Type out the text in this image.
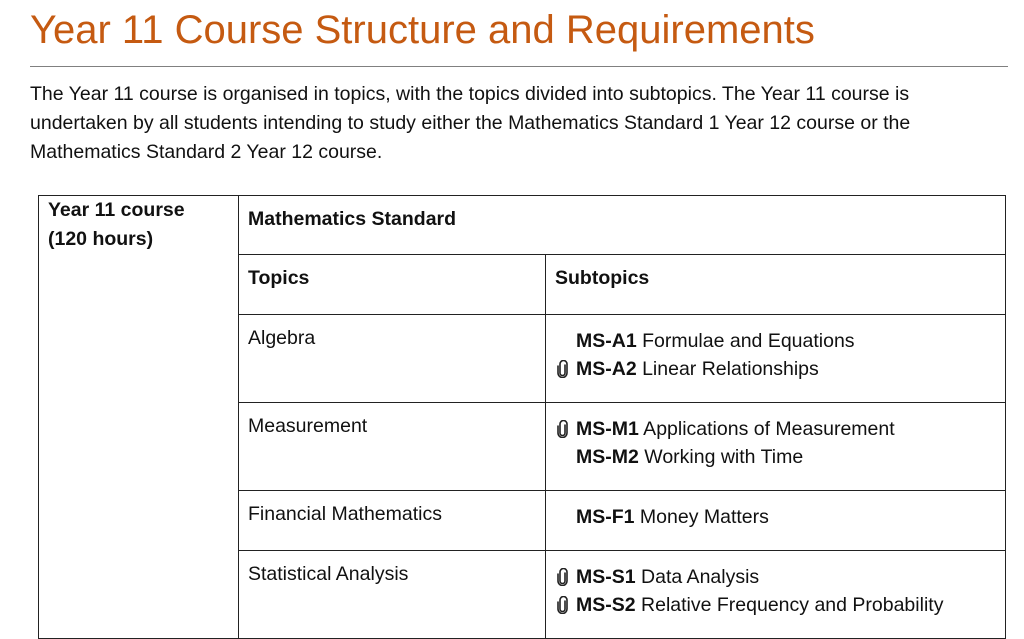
Year 11 Course Structure and Requirements
The Year 11 course is organised in topics, with the topics divided into subtopics. The Year 11 course is undertaken by all students intending to study either the Mathematics Standard 1 Year 12 course or the Mathematics Standard 2 Year 12 course.
Year 11 course
(120 hours)	Mathematics Standard	
	Topics	Subtopics
	Algebra	MS-A1 Formulae and Equations
MS-A2 Linear Relationships

	Measurement	MS-M1 Applications of Measurement
MS-M2 Working with Time

	Financial Mathematics	MS-F1 Money Matters

	Statistical Analysis	MS-S1 Data Analysis
MS-S2 Relative Frequency and Probability
